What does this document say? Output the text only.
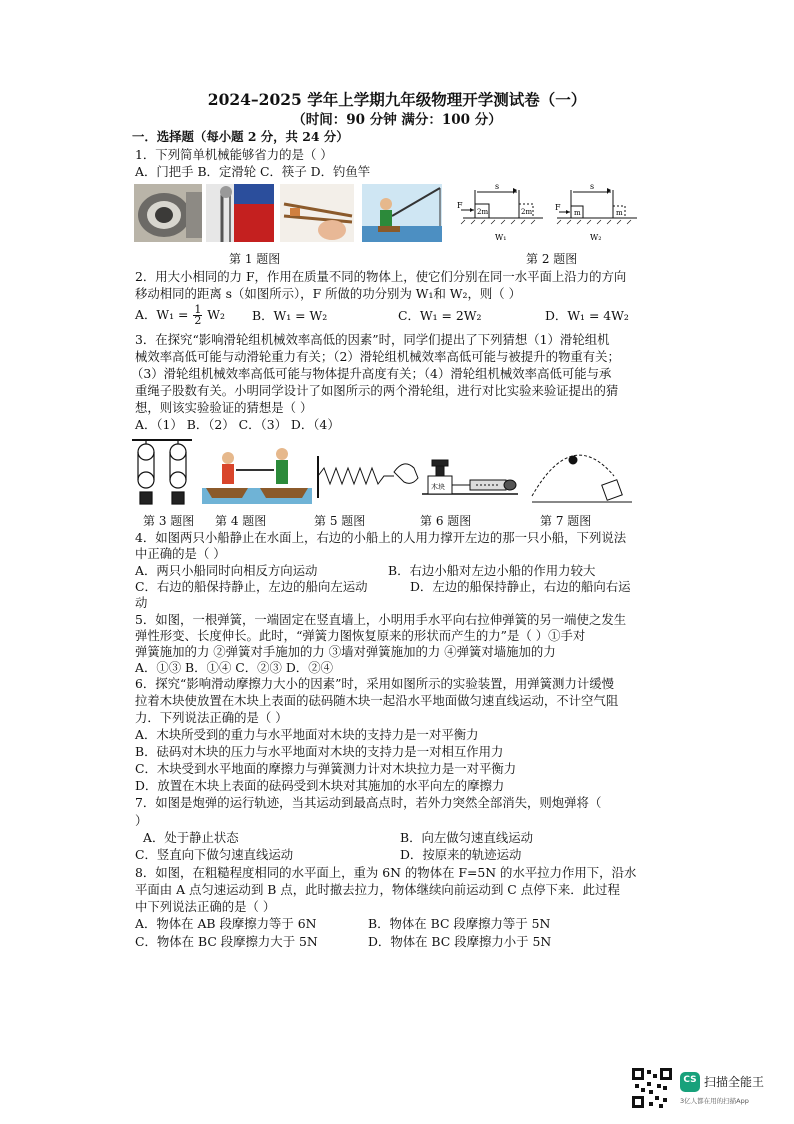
2024–2025 学年上学期九年级物理开学测试卷（一）
（时间：90 分钟 满分：100 分）
一．选择题（每小题 2 分，共 24 分）
1．下列简单机械能够省力的是（ ）
A．门把手 B．定滑轮 C．筷子 D．钓鱼竿
第 1 题图
s	s
F	F
2m	2m	m	m
W₁	W₂
第 2 题图
2．用大小相同的力 F，作用在质量不同的物体上，使它们分别在同一水平面上沿力的方向
移动相同的距离 s（如图所示），F 所做的功分别为 W₁和 W₂，则（ ）
A．$W_1 = \frac{1}{2} W_2$ B．W₁ = W₂	C．W₁ = 2W₂	D．W₁ = 4W₂
3．在探究“影响滑轮组机械效率高低的因素”时，同学们提出了下列猜想（1）滑轮组机
械效率高低可能与动滑轮重力有关；（2）滑轮组机械效率高低可能与被提升的物重有关；
（3）滑轮组机械效率高低可能与物体提升高度有关；（4）滑轮组机械效率高低可能与承
重绳子股数有关。小明同学设计了如图所示的两个滑轮组，进行对比实验来验证提出的猜
想，则该实验验证的猜想是（ ）
A．（1） B．（2） C．（3） D．（4）
木块
第 3 题图 第 4 题图	第 5 题图	第 6 题图	第 7 题图
4．如图两只小船静止在水面上，右边的小船上的人用力撑开左边的那一只小船，下列说法
中正确的是（ ）
A．两只小船同时向相反方向运动	B．右边小船对左边小船的作用力较大
C．右边的船保持静止，左边的船向左运动	D．左边的船保持静止，右边的船向右运
动
5．如图，一根弹簧，一端固定在竖直墙上，小明用手水平向右拉伸弹簧的另一端使之发生
弹性形变、长度伸长。此时，“弹簧力图恢复原来的形状而产生的力”是（ ）①手对
弹簧施加的力 ②弹簧对手施加的力 ③墙对弹簧施加的力 ④弹簧对墙施加的力
A．①③ B．①④ C．②③ D．②④
6．探究“影响滑动摩擦力大小的因素”时，采用如图所示的实验装置，用弹簧测力计缓慢
拉着木块使放置在木块上表面的砝码随木块一起沿水平地面做匀速直线运动，不计空气阻
力．下列说法正确的是（ ）
A．木块所受到的重力与水平地面对木块的支持力是一对平衡力
B．砝码对木块的压力与水平地面对木块的支持力是一对相互作用力
C．木块受到水平地面的摩擦力与弹簧测力计对木块拉力是一对平衡力
D．放置在木块上表面的砝码受到木块对其施加的水平向左的摩擦力
7．如图是炮弹的运行轨迹，当其运动到最高点时，若外力突然全部消失，则炮弹将（
）
A．处于静止状态	B．向左做匀速直线运动
C．竖直向下做匀速直线运动	D．按原来的轨迹运动
8．如图，在粗糙程度相同的水平面上，重为 6N 的物体在 F=5N 的水平拉力作用下，沿水
平面由 A 点匀速运动到 B 点，此时撤去拉力，物体继续向前运动到 C 点停下来．此过程
中下列说法正确的是（ ）
A．物体在 AB 段摩擦力等于 6N	B．物体在 BC 段摩擦力等于 5N
C．物体在 BC 段摩擦力大于 5N	D．物体在 BC 段摩擦力小于 5N
CS 扫描全能王
3亿人都在用的扫描App
